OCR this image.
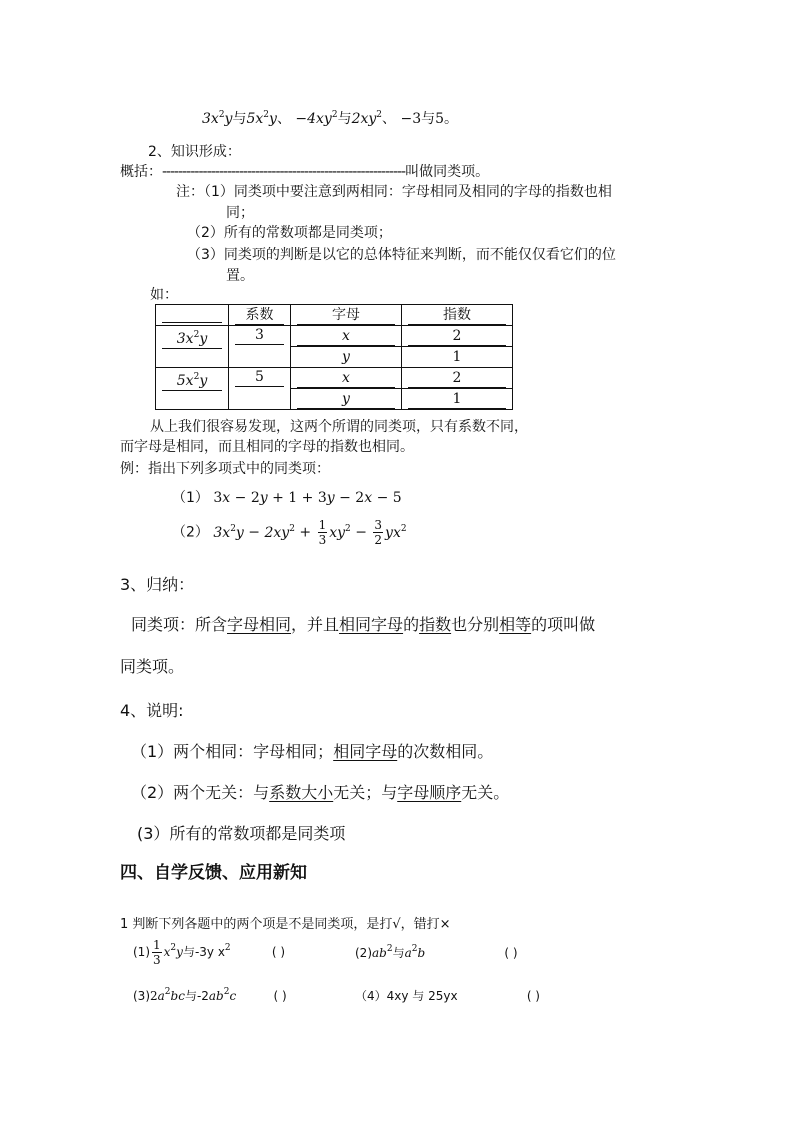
$3x^2y$与$5x^2y$、 $-4xy^2$与$2xy^2$、 −3与5。
2、知识形成：
概括：------------------------------------------------------------叫做同类项。
注：（1）同类项中要注意到两相同：字母相同及相同的字母的指数也相
同；
（2）所有的常数项都是同类项；
（3）同类项的判断是以它的总体特征来判断，而不能仅仅看它们的位
置。
如：

	系数	字母	指数

$3x^2y$	3	x	2

		y	1

$5x^2y$	5	x	2

		y	1
从上我们很容易发现，这两个所谓的同类项，只有系数不同，
而字母是相同，而且相同的字母的指数也相同。
例：指出下列多项式中的同类项：
（1） 3x − 2y + 1 + 3y − 2x − 5
（2） $3x^2y - 2xy^2 + \frac{1}{3} xy^2 - \frac{3}{2} yx^2$
3、归纳：
同类项：所含字母相同，并且相同字母的指数也分别相等的项叫做
同类项。
4、说明:
（1）两个相同：字母相同；相同字母的次数相同。
（2）两个无关：与系数大小无关；与字母顺序无关。
(3）所有的常数项都是同类项
四、自学反馈、应用新知
1 判断下列各题中的两个项是不是同类项，是打√，错打×
$(1) \frac{1}{3} x^2y$与-3y $x^2$	( )	$(2)ab^2$与$a^2b$	( )
$(3)2a^2bc$与$-2ab^2c$	( )	（4）4xy 与 25yx	( )
